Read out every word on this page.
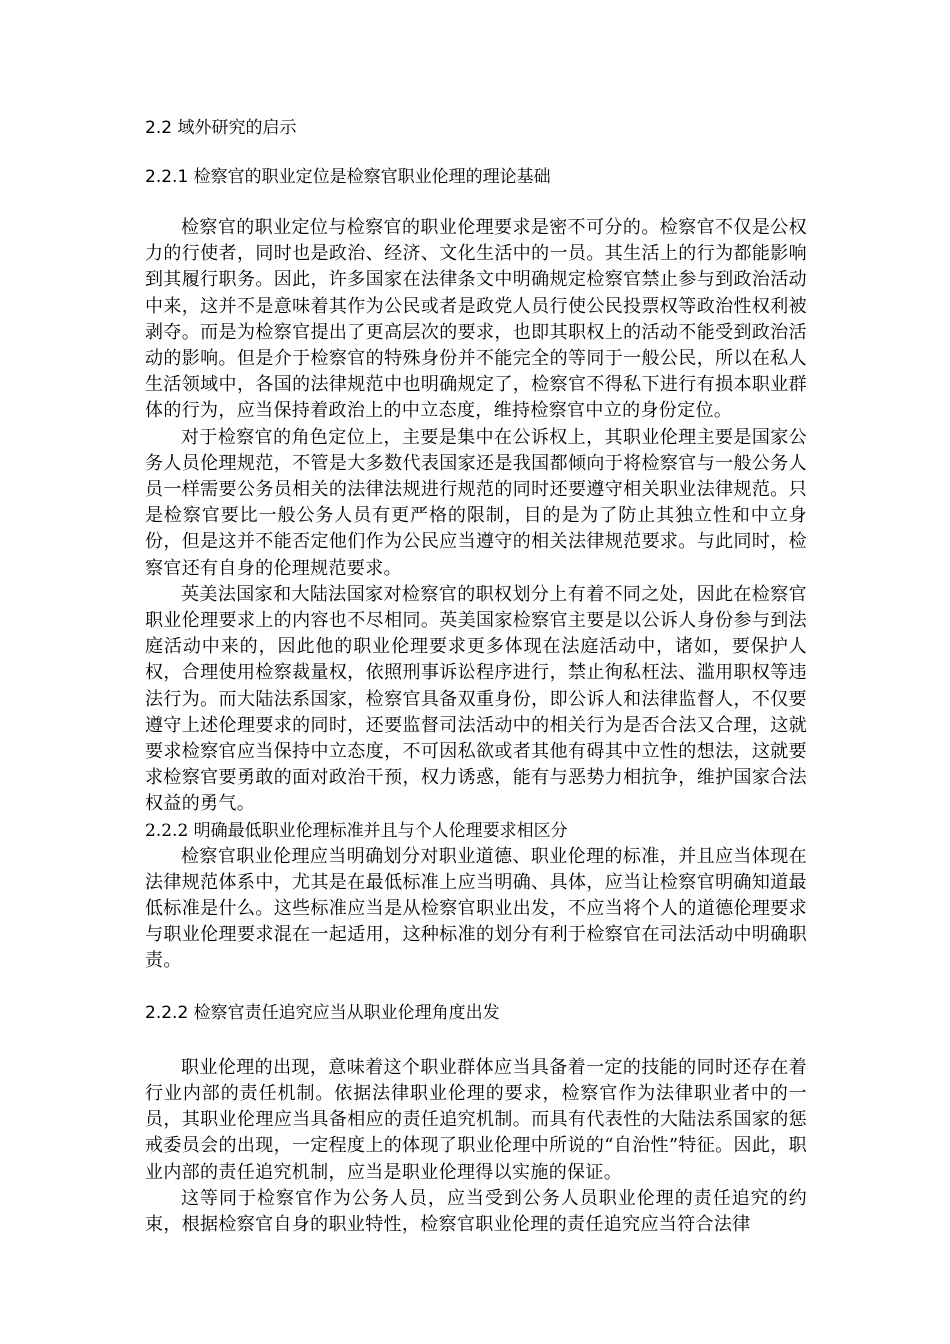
2.2 域外研究的启示
2.2.1 检察官的职业定位是检察官职业伦理的理论基础

检察官的职业定位与检察官的职业伦理要求是密不可分的。检察官不仅是公权力的行使者，同时也是政治、经济、文化生活中的一员。其生活上的行为都能影响到其履行职务。因此，许多国家在法律条文中明确规定检察官禁止参与到政治活动中来，这并不是意味着其作为公民或者是政党人员行使公民投票权等政治性权利被剥夺。而是为检察官提出了更高层次的要求，也即其职权上的活动不能受到政治活动的影响。但是介于检察官的特殊身份并不能完全的等同于一般公民，所以在私人生活领域中，各国的法律规范中也明确规定了，检察官不得私下进行有损本职业群体的行为，应当保持着政治上的中立态度，维持检察官中立的身份定位。

对于检察官的角色定位上，主要是集中在公诉权上，其职业伦理主要是国家公务人员伦理规范，不管是大多数代表国家还是我国都倾向于将检察官与一般公务人员一样需要公务员相关的法律法规进行规范的同时还要遵守相关职业法律规范。只是检察官要比一般公务人员有更严格的限制，目的是为了防止其独立性和中立身份，但是这并不能否定他们作为公民应当遵守的相关法律规范要求。与此同时，检察官还有自身的伦理规范要求。

英美法国家和大陆法国家对检察官的职权划分上有着不同之处，因此在检察官职业伦理要求上的内容也不尽相同。英美国家检察官主要是以公诉人身份参与到法庭活动中来的，因此他的职业伦理要求更多体现在法庭活动中，诸如，要保护人权，合理使用检察裁量权，依照刑事诉讼程序进行，禁止徇私枉法、滥用职权等违法行为。而大陆法系国家，检察官具备双重身份，即公诉人和法律监督人，不仅要遵守上述伦理要求的同时，还要监督司法活动中的相关行为是否合法又合理，这就要求检察官应当保持中立态度，不可因私欲或者其他有碍其中立性的想法，这就要求检察官要勇敢的面对政治干预，权力诱惑，能有与恶势力相抗争，维护国家合法权益的勇气。

2.2.2 明确最低职业伦理标准并且与个人伦理要求相区分

检察官职业伦理应当明确划分对职业道德、职业伦理的标准，并且应当体现在法律规范体系中，尤其是在最低标准上应当明确、具体，应当让检察官明确知道最低标准是什么。这些标准应当是从检察官职业出发，不应当将个人的道德伦理要求与职业伦理要求混在一起适用，这种标准的划分有利于检察官在司法活动中明确职责。

2.2.2 检察官责任追究应当从职业伦理角度出发

职业伦理的出现，意味着这个职业群体应当具备着一定的技能的同时还存在着行业内部的责任机制。依据法律职业伦理的要求，检察官作为法律职业者中的一员，其职业伦理应当具备相应的责任追究机制。而具有代表性的大陆法系国家的惩戒委员会的出现，一定程度上的体现了职业伦理中所说的“自治性”特征。因此，职业内部的责任追究机制，应当是职业伦理得以实施的保证。

这等同于检察官作为公务人员，应当受到公务人员职业伦理的责任追究的约束，根据检察官自身的职业特性，检察官职业伦理的责任追究应当符合法律
